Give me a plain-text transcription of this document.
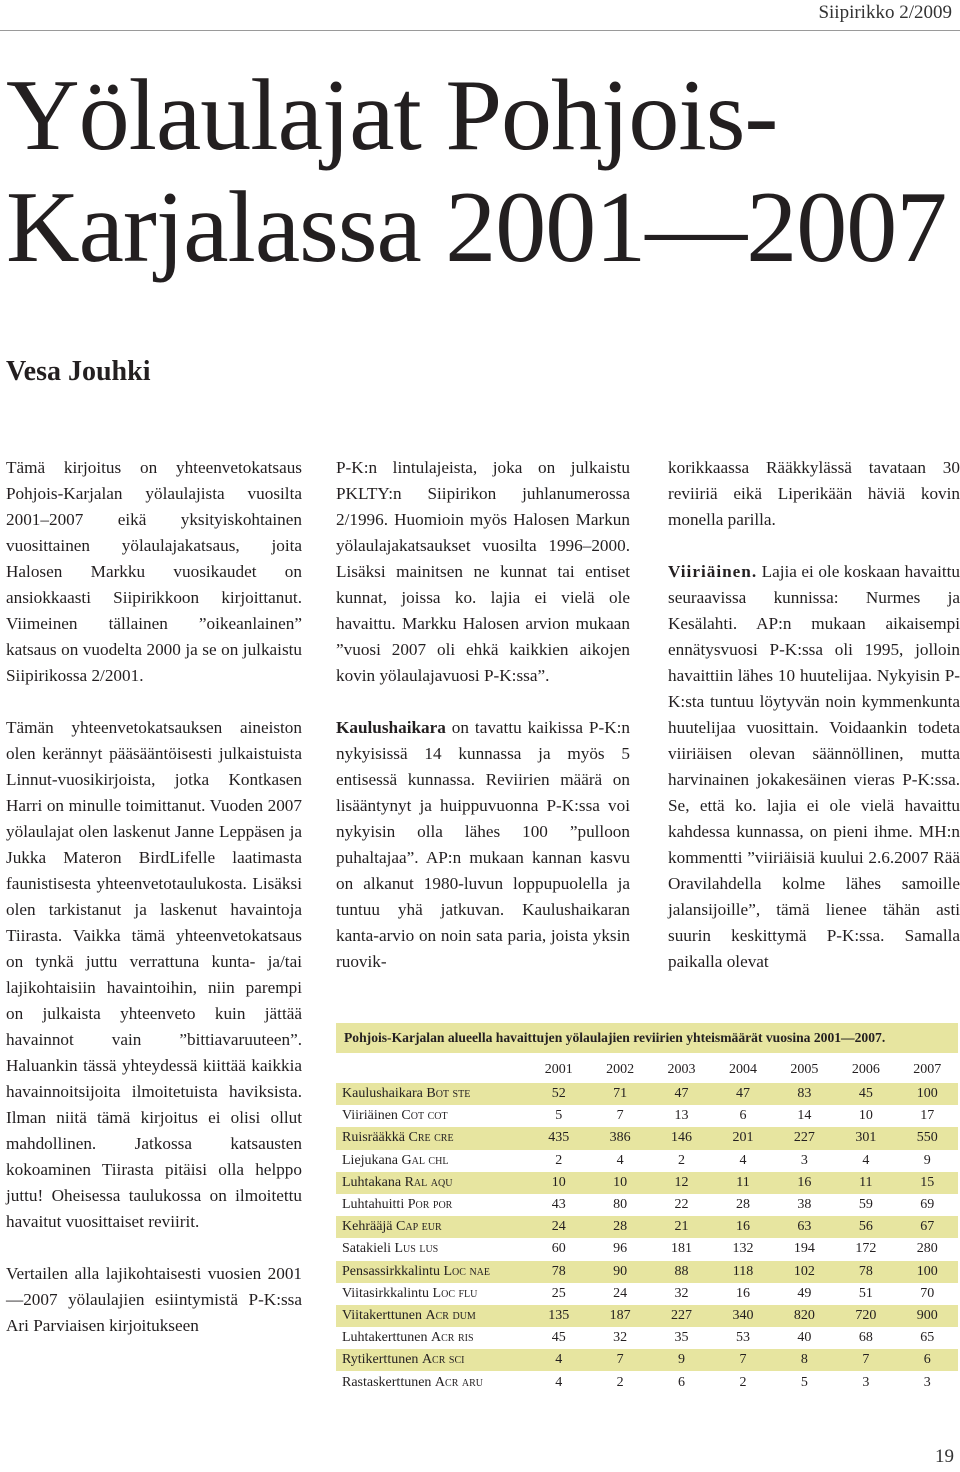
Siipirikko 2/2009
Yölaulajat Pohjois-
Karjalassa 2001—2007
Vesa Jouhki

Tämä kirjoitus on yhteenvetokatsaus Pohjois-Karjalan yölaulajista vuosilta 2001–2007 eikä yksityiskohtainen vuosittainen yölaulajakatsaus, joita Halosen Markku vuosikaudet on ansiokkaasti Siipirikkoon kirjoittanut. Viimeinen tällainen ”oikeanlainen” katsaus on vuodelta 2000 ja se on julkaistu Siipirikossa 2/2001.

Tämän yhteenvetokatsauksen aineiston olen kerännyt pääsääntöisesti julkaistuista Linnut-vuosikirjoista, jotka Kontkasen Harri on minulle toimittanut. Vuoden 2007 yölaulajat olen laskenut Janne Leppäsen ja Jukka Materon BirdLifelle laatimasta faunistisesta yhteenvetotaulukosta. Lisäksi olen tarkistanut ja laskenut havaintoja Tiirasta. Vaikka tämä yhteenvetokatsaus on tynkä juttu verrattuna kunta- ja/tai lajikohtaisiin havaintoihin, niin parempi on julkaista yhteenveto kuin jättää havainnot vain ”bittiavaruuteen”. Haluankin tässä yhteydessä kiittää kaikkia havainnoitsijoita ilmoitetuista haviksista. Ilman niitä tämä kirjoitus ei olisi ollut mahdollinen. Jatkossa katsausten kokoaminen Tiirasta pitäisi olla helppo juttu! Oheisessa taulukossa on ilmoitettu havaitut vuosittaiset reviirit.

Vertailen alla lajikohtaisesti vuosien 2001—2007 yölaulajien esiintymistä P-K:ssa Ari Parviaisen kirjoitukseen

P-K:n lintulajeista, joka on julkaistu PKLTY:n Siipirikon juhlanumerossa 2/1996. Huomioin myös Halosen Markun yölaulajakatsaukset vuosilta 1996–2000. Lisäksi mainitsen ne kunnat tai entiset kunnat, joissa ko. lajia ei vielä ole havaittu. Markku Halosen arvion mukaan ”vuosi 2007 oli ehkä kaikkien aikojen kovin yölaulajavuosi P-K:ssa”.

Kaulushaikara on tavattu kaikissa P-K:n nykyisissä 14 kunnassa ja myös 5 entisessä kunnassa. Reviirien määrä on lisääntynyt ja huippuvuonna P-K:ssa voi nykyisin olla lähes 100 ”pulloon puhaltajaa”. AP:n mukaan kannan kasvu on alkanut 1980-luvun loppupuolella ja tuntuu yhä jatkuvan. Kaulushaikaran kanta-arvio on noin sata paria, joista yksin ruovik-

korikkaassa Rääkkylässä tavataan 30 reviiriä eikä Liperikään häviä kovin monella parilla.

Viiriäinen. Lajia ei ole koskaan havaittu seuraavissa kunnissa: Nurmes ja Kesälahti. AP:n mukaan aikaisempi ennätysvuosi P-K:ssa oli 1995, jolloin havaittiin lähes 10 huutelijaa. Nykyisin P-K:sta tuntuu löytyvän noin kymmenkunta huutelijaa vuosittain. Voidaankin todeta viiriäisen olevan säännöllinen, mutta harvinainen jokakesäinen vieras P-K:ssa. Se, että ko. lajia ei ole vielä havaittu kahdessa kunnassa, on pieni ihme. MH:n kommentti ”viiriäisiä kuului 2.6.2007 Rää Oravilahdella kolme lähes samoille jalansijoille”, tämä lienee tähän asti suurin keskittymä P-K:ssa. Samalla paikalla olevat

Pohjois-Karjalan alueella havaittujen yölaulajien reviirien yhteismäärät vuosina 2001—2007.
	2001	2002	2003	2004	2005	2006	2007
Kaulushaikara Bot ste	52	71	47	47	83	45	100
Viiriäinen Cot cot	5	7	13	6	14	10	17
Ruisrääkkä Cre cre	435	386	146	201	227	301	550
Liejukana Gal chl	2	4	2	4	3	4	9
Luhtakana Ral aqu	10	10	12	11	16	11	15
Luhtahuitti Por por	43	80	22	28	38	59	69
Kehrääjä Cap eur	24	28	21	16	63	56	67
Satakieli Lus lus	60	96	181	132	194	172	280
Pensassirkkalintu Loc nae	78	90	88	118	102	78	100
Viitasirkkalintu Loc flu	25	24	32	16	49	51	70
Viitakerttunen Acr dum	135	187	227	340	820	720	900
Luhtakerttunen Acr ris	45	32	35	53	40	68	65
Rytikerttunen Acr sci	4	7	9	7	8	7	6
Rastaskerttunen Acr aru	4	2	6	2	5	3	3
19
